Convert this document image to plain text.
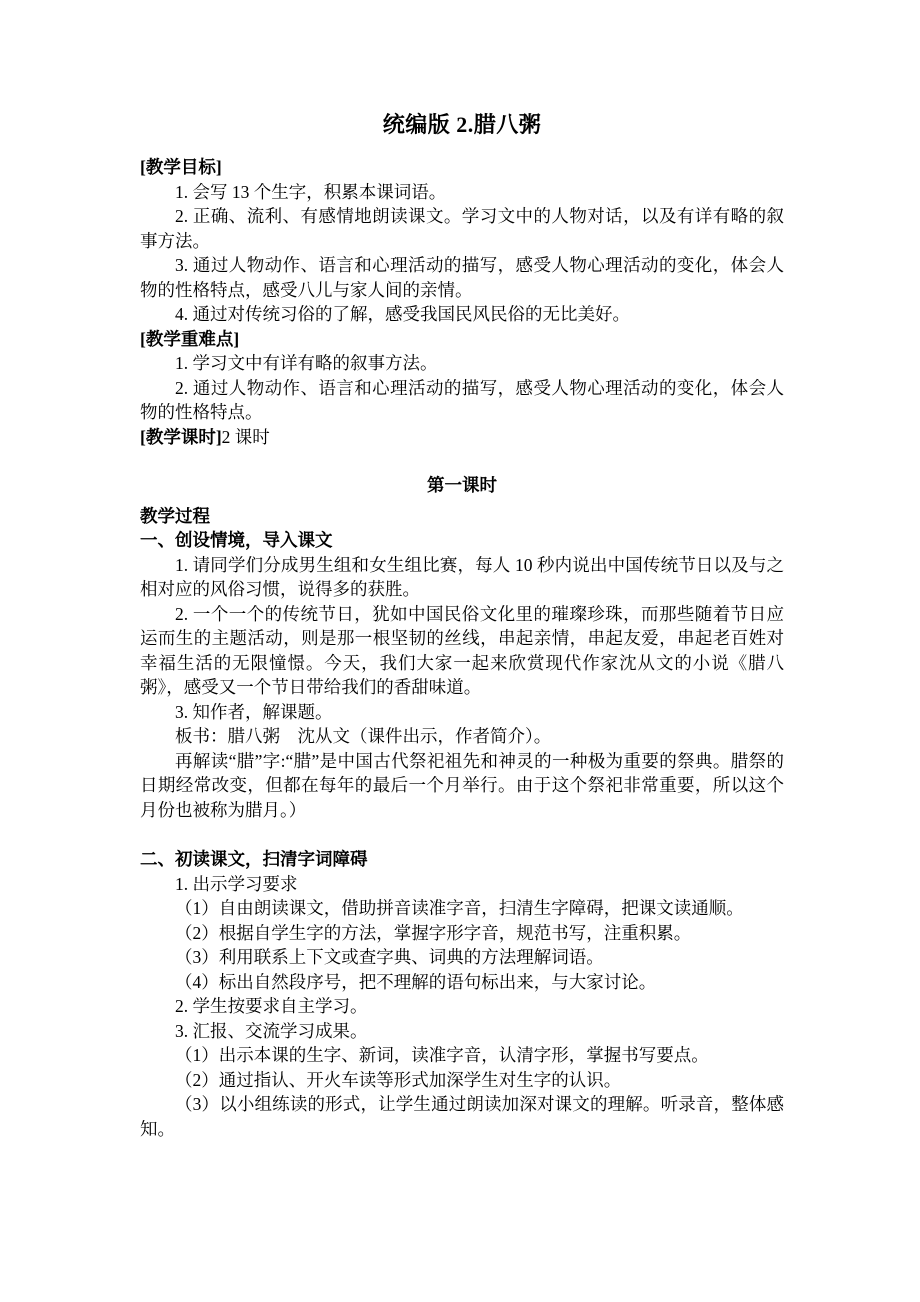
统编版 2.腊八粥

[教学目标]

1. 会写 13 个生字，积累本课词语。

2. 正确、流利、有感情地朗读课文。学习文中的人物对话，以及有详有略的叙事方法。

3. 通过人物动作、语言和心理活动的描写，感受人物心理活动的变化，体会人物的性格特点，感受八儿与家人间的亲情。

4. 通过对传统习俗的了解，感受我国民风民俗的无比美好。

[教学重难点]

1. 学习文中有详有略的叙事方法。

2. 通过人物动作、语言和心理活动的描写，感受人物心理活动的变化，体会人物的性格特点。

[教学课时]2 课时

第一课时

教学过程

一、创设情境，导入课文

1. 请同学们分成男生组和女生组比赛，每人 10 秒内说出中国传统节日以及与之相对应的风俗习惯，说得多的获胜。

2. 一个一个的传统节日，犹如中国民俗文化里的璀璨珍珠，而那些随着节日应运而生的主题活动，则是那一根坚韧的丝线，串起亲情，串起友爱，串起老百姓对幸福生活的无限憧憬。今天，我们大家一起来欣赏现代作家沈从文的小说《腊八粥》，感受又一个节日带给我们的香甜味道。

3. 知作者，解课题。

板书：腊八粥　沈从文（课件出示，作者简介）。

再解读“腊”字:“腊”是中国古代祭祀祖先和神灵的一种极为重要的祭典。腊祭的日期经常改变，但都在每年的最后一个月举行。由于这个祭祀非常重要，所以这个月份也被称为腊月。）

二、初读课文，扫清字词障碍

1. 出示学习要求

（1）自由朗读课文，借助拼音读准字音，扫清生字障碍，把课文读通顺。

（2）根据自学生字的方法，掌握字形字音，规范书写，注重积累。

（3）利用联系上下文或查字典、词典的方法理解词语。

（4）标出自然段序号，把不理解的语句标出来，与大家讨论。

2. 学生按要求自主学习。

3. 汇报、交流学习成果。

（1）出示本课的生字、新词，读准字音，认清字形，掌握书写要点。

（2）通过指认、开火车读等形式加深学生对生字的认识。

（3）以小组练读的形式，让学生通过朗读加深对课文的理解。听录音，整体感知。
